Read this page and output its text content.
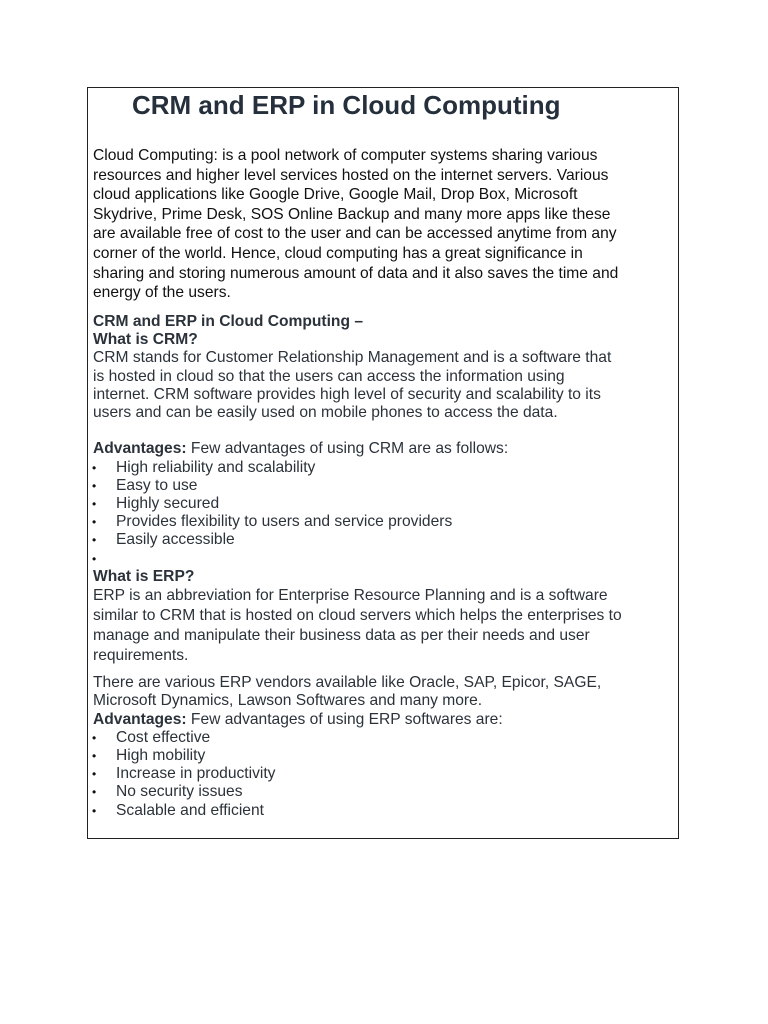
CRM and ERP in Cloud Computing
Cloud Computing: is a pool network of computer systems sharing various
resources and higher level services hosted on the internet servers. Various
cloud applications like Google Drive, Google Mail, Drop Box, Microsoft
Skydrive, Prime Desk, SOS Online Backup and many more apps like these
are available free of cost to the user and can be accessed anytime from any
corner of the world. Hence, cloud computing has a great significance in
sharing and storing numerous amount of data and it also saves the time and
energy of the users.
CRM and ERP in Cloud Computing –
What is CRM?
CRM stands for Customer Relationship Management and is a software that
is hosted in cloud so that the users can access the information using
internet. CRM software provides high level of security and scalability to its
users and can be easily used on mobile phones to access the data.
Advantages: Few advantages of using CRM are as follows:
• High reliability and scalability
• Easy to use
• Highly secured
• Provides flexibility to users and service providers
• Easily accessible
•
What is ERP?
ERP is an abbreviation for Enterprise Resource Planning and is a software
similar to CRM that is hosted on cloud servers which helps the enterprises to
manage and manipulate their business data as per their needs and user
requirements.
There are various ERP vendors available like Oracle, SAP, Epicor, SAGE,
Microsoft Dynamics, Lawson Softwares and many more.
Advantages: Few advantages of using ERP softwares are:
• Cost effective
• High mobility
• Increase in productivity
• No security issues
• Scalable and efficient
